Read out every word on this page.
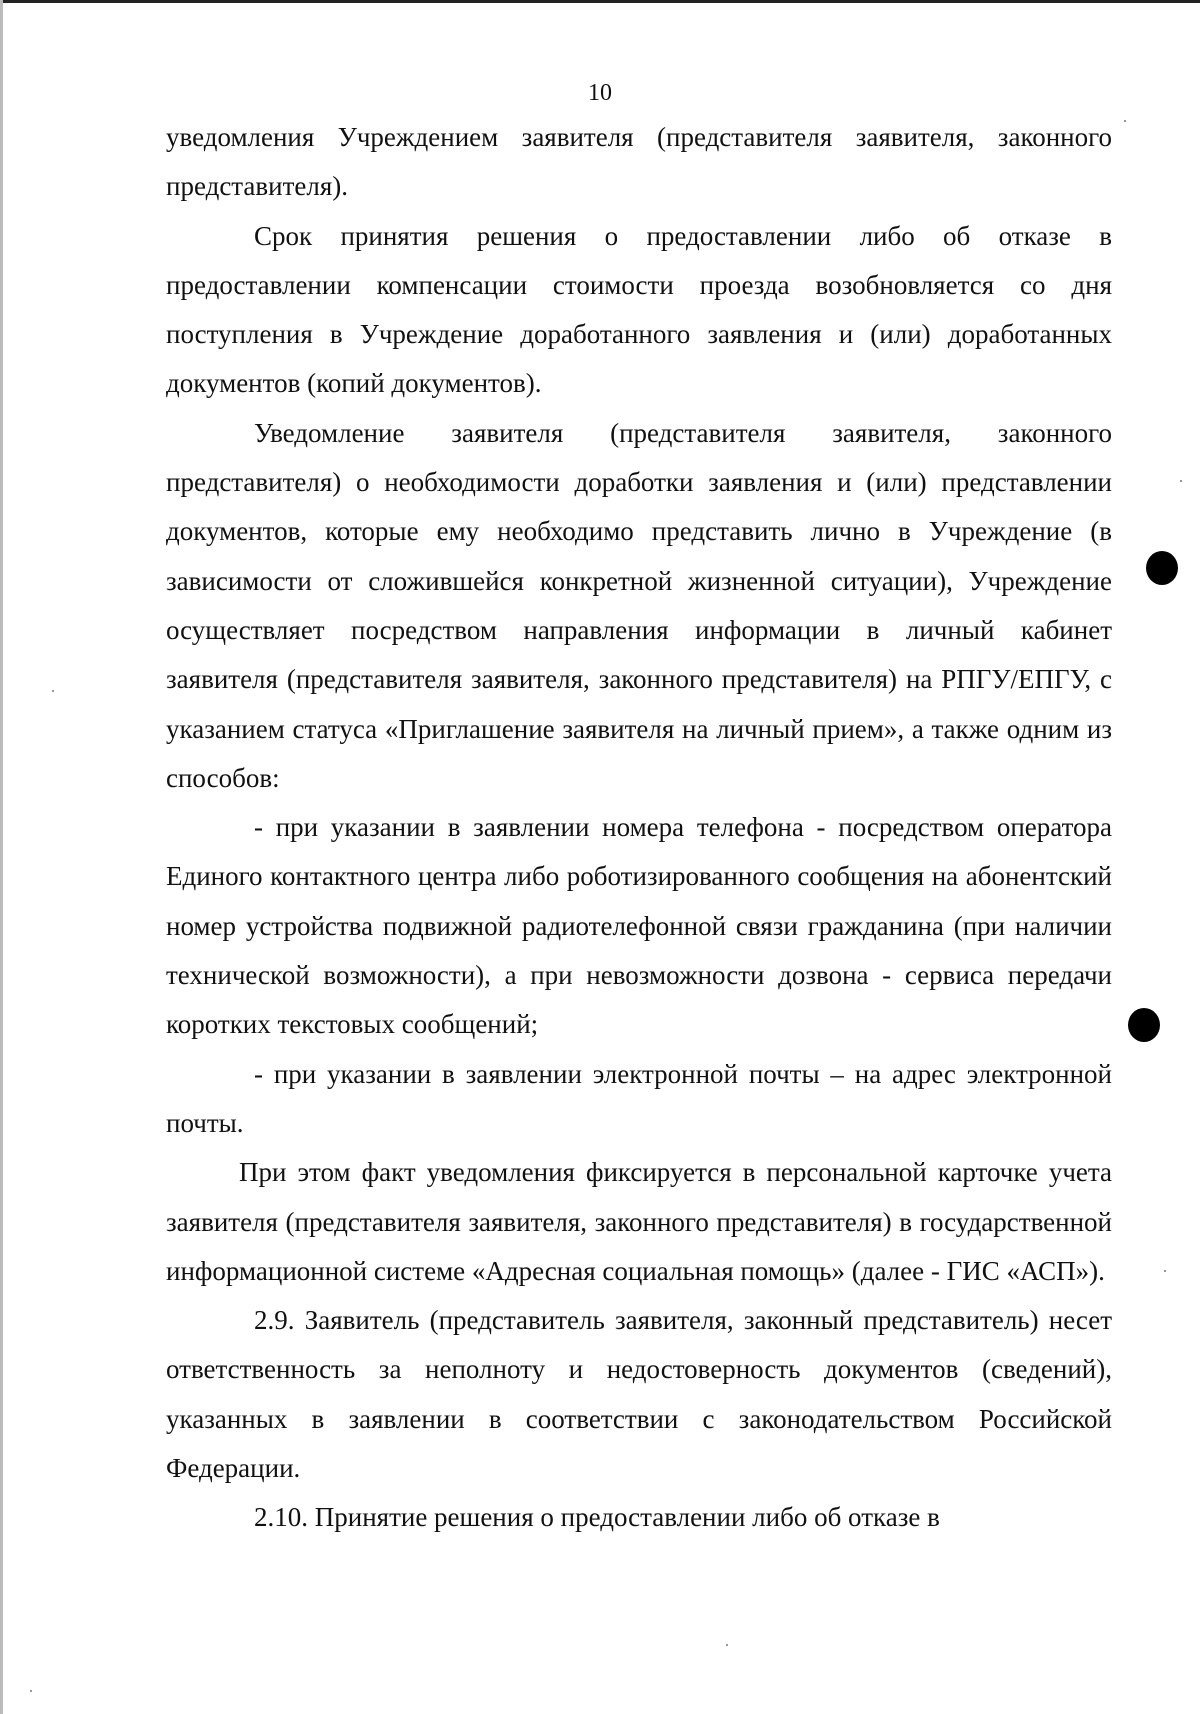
10

уведомления Учреждением заявителя (представителя заявителя, законного представителя).

Срок принятия решения о предоставлении либо об отказе в предоставлении компенсации стоимости проезда возобновляется со дня поступления в Учреждение доработанного заявления и (или) доработанных документов (копий документов).

Уведомление заявителя (представителя заявителя, законного представителя) о необходимости доработки заявления и (или) представлении документов, которые ему необходимо представить лично в Учреждение (в зависимости от сложившейся конкретной жизненной ситуации), Учреждение осуществляет посредством направления информации в личный кабинет заявителя (представителя заявителя, законного представителя) на РПГУ/ЕПГУ, с указанием статуса «Приглашение заявителя на личный прием», а также одним из способов:

- при указании в заявлении номера телефона - посредством оператора Единого контактного центра либо роботизированного сообщения на абонентский номер устройства подвижной радиотелефонной связи гражданина (при наличии технической возможности), а при невозможности дозвона - сервиса передачи коротких текстовых сообщений;

- при указании в заявлении электронной почты – на адрес электронной почты.

При этом факт уведомления фиксируется в персональной карточке учета заявителя (представителя заявителя, законного представителя) в государственной информационной системе «Адресная социальная помощь» (далее - ГИС «АСП»).

2.9. Заявитель (представитель заявителя, законный представитель) несет ответственность за неполноту и недостоверность документов (сведений), указанных в заявлении в соответствии с законодательством Российской Федерации.

2.10. Принятие решения о предоставлении либо об отказе в
